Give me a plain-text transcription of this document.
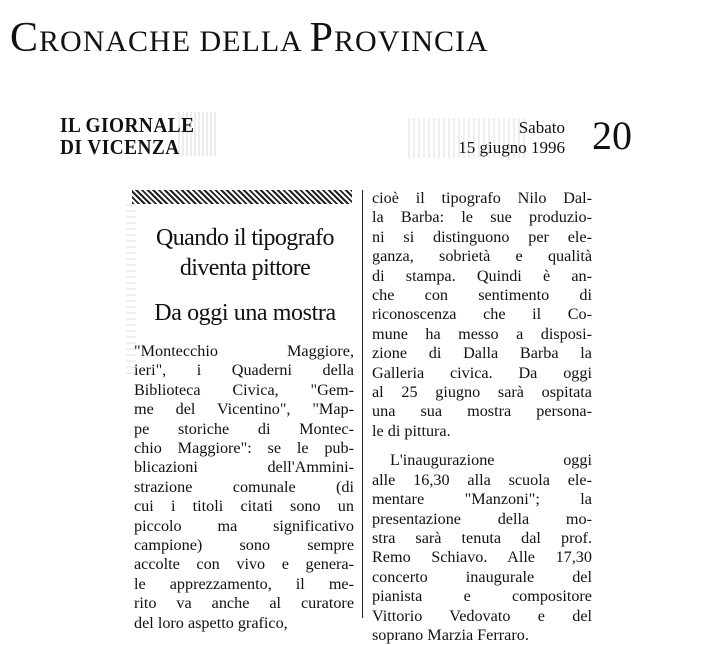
CRONACHE DELLA PROVINCIA
IL GIORNALE
DI VICENZA
Sabato
15 giugno 1996 20
Quando il tipografo
diventa pittore
Da oggi una mostra
"Montecchio Maggiore,
ieri", i Quaderni della
Biblioteca Civica, "Gem-
me del Vicentino", "Map-
pe storiche di Montec-
chio Maggiore": se le pub-
blicazioni dell'Ammini-
strazione comunale (di
cui i titoli citati sono un
piccolo ma significativo
campione) sono sempre
accolte con vivo e genera-
le apprezzamento, il me-
rito va anche al curatore
del loro aspetto grafico,
cioè il tipografo Nilo Dal-
la Barba: le sue produzio-
ni si distinguono per ele-
ganza, sobrietà e qualità
di stampa. Quindi è an-
che con sentimento di
riconoscenza che il Co-
mune ha messo a disposi-
zione di Dalla Barba la
Galleria civica. Da oggi
al 25 giugno sarà ospitata
una sua mostra persona-
le di pittura.
L'inaugurazione oggi
alle 16,30 alla scuola ele-
mentare "Manzoni"; la
presentazione della mo-
stra sarà tenuta dal prof.
Remo Schiavo. Alle 17,30
concerto inaugurale del
pianista e compositore
Vittorio Vedovato e del
soprano Marzia Ferraro.
